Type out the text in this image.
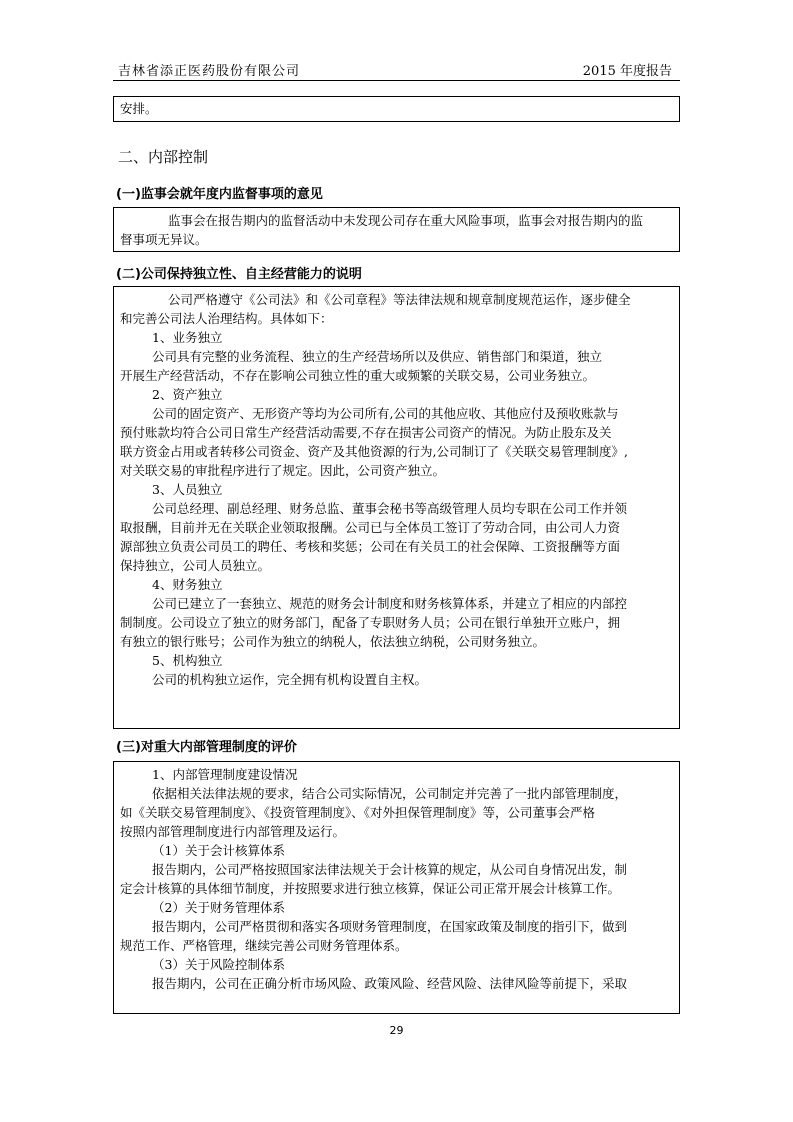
吉林省添正医药股份有限公司	2015 年度报告

安排。

二、内部控制
(一)监事会就年度内监督事项的意见

监事会在报告期内的监督活动中未发现公司存在重大风险事项，监事会对报告期内的监

督事项无异议。

(二)公司保持独立性、自主经营能力的说明

公司严格遵守《公司法》和《公司章程》等法律法规和规章制度规范运作，逐步健全

和完善公司法人治理结构。具体如下：

1、业务独立

公司具有完整的业务流程、独立的生产经营场所以及供应、销售部门和渠道，独立

开展生产经营活动，不存在影响公司独立性的重大或频繁的关联交易，公司业务独立。

2、资产独立

公司的固定资产、无形资产等均为公司所有,公司的其他应收、其他应付及预收账款与

预付账款均符合公司日常生产经营活动需要,不存在损害公司资产的情况。为防止股东及关

联方资金占用或者转移公司资金、资产及其他资源的行为,公司制订了《关联交易管理制度》,

对关联交易的审批程序进行了规定。因此，公司资产独立。

3、人员独立

公司总经理、副总经理、财务总监、董事会秘书等高级管理人员均专职在公司工作并领

取报酬，目前并无在关联企业领取报酬。公司已与全体员工签订了劳动合同，由公司人力资

源部独立负责公司员工的聘任、考核和奖惩；公司在有关员工的社会保障、工资报酬等方面

保持独立，公司人员独立。

4、财务独立

公司已建立了一套独立、规范的财务会计制度和财务核算体系，并建立了相应的内部控

制制度。公司设立了独立的财务部门，配备了专职财务人员；公司在银行单独开立账户，拥

有独立的银行账号；公司作为独立的纳税人，依法独立纳税，公司财务独立。

5、机构独立

公司的机构独立运作，完全拥有机构设置自主权。

(三)对重大内部管理制度的评价

1、内部管理制度建设情况

依据相关法律法规的要求，结合公司实际情况，公司制定并完善了一批内部管理制度，

如《关联交易管理制度》、《投资管理制度》、《对外担保管理制度》等，公司董事会严格

按照内部管理制度进行内部管理及运行。

（1）关于会计核算体系

报告期内，公司严格按照国家法律法规关于会计核算的规定，从公司自身情况出发，制

定会计核算的具体细节制度，并按照要求进行独立核算，保证公司正常开展会计核算工作。

（2）关于财务管理体系

报告期内，公司严格贯彻和落实各项财务管理制度，在国家政策及制度的指引下，做到

规范工作、严格管理，继续完善公司财务管理体系。

（3）关于风险控制体系

报告期内，公司在正确分析市场风险、政策风险、经营风险、法律风险等前提下，采取

29
